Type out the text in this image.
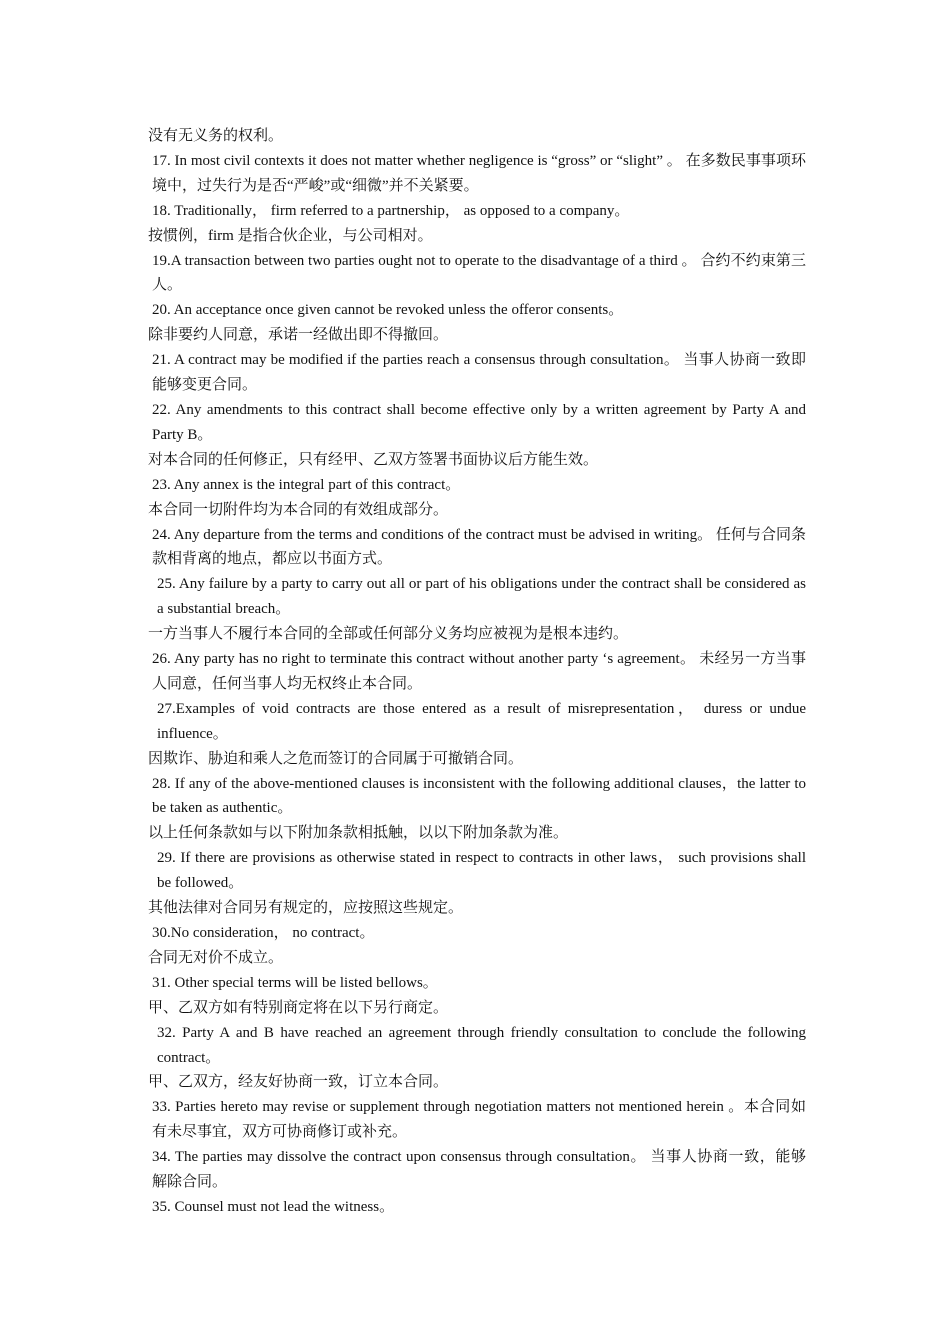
没有无义务的权利。
17. In most civil contexts it does not matter whether negligence is “gross” or “slight” 。 在多数民事事项环境中，过失行为是否“严峻”或“细微”并不关紧要。
18. Traditionally， firm referred to a partnership， as opposed to a company。
按惯例，firm 是指合伙企业，与公司相对。
19.A transaction between two parties ought not to operate to the disadvantage of a third 。 合约不约束第三人。
20. An acceptance once given cannot be revoked unless the offeror consents。
除非要约人同意，承诺一经做出即不得撤回。
21. A contract may be modified if the parties reach a consensus through consultation。 当事人协商一致即能够变更合同。
22. Any amendments to this contract shall become effective only by a written agreement by Party A and Party B。
对本合同的任何修正，只有经甲、乙双方签署书面协议后方能生效。
23. Any annex is the integral part of this contract。
本合同一切附件均为本合同的有效组成部分。
24. Any departure from the terms and conditions of the contract must be advised in writing。 任何与合同条款相背离的地点，都应以书面方式。
25. Any failure by a party to carry out all or part of his obligations under the contract shall be considered as a substantial breach。
一方当事人不履行本合同的全部或任何部分义务均应被视为是根本违约。
26. Any party has no right to terminate this contract without another party ‘s agreement。 未经另一方当事人同意，任何当事人均无权终止本合同。
27.Examples of void contracts are those entered as a result of misrepresentation， duress or undue influence。
因欺诈、胁迫和乘人之危而签订的合同属于可撤销合同。
28. If any of the above-mentioned clauses is inconsistent with the following additional clauses，the latter to be taken as authentic。
以上任何条款如与以下附加条款相抵触，以以下附加条款为准。
29. If there are provisions as otherwise stated in respect to contracts in other laws， such provisions shall be followed。
其他法律对合同另有规定的，应按照这些规定。
30.No consideration， no contract。
合同无对价不成立。
31. Other special terms will be listed bellows。
甲、乙双方如有特别商定将在以下另行商定。
32. Party A and B have reached an agreement through friendly consultation to conclude the following contract。
甲、乙双方，经友好协商一致，订立本合同。
33. Parties hereto may revise or supplement through negotiation matters not mentioned herein 。本合同如有未尽事宜，双方可协商修订或补充。
34. The parties may dissolve the contract upon consensus through consultation。 当事人协商一致，能够解除合同。
35. Counsel must not lead the witness。
